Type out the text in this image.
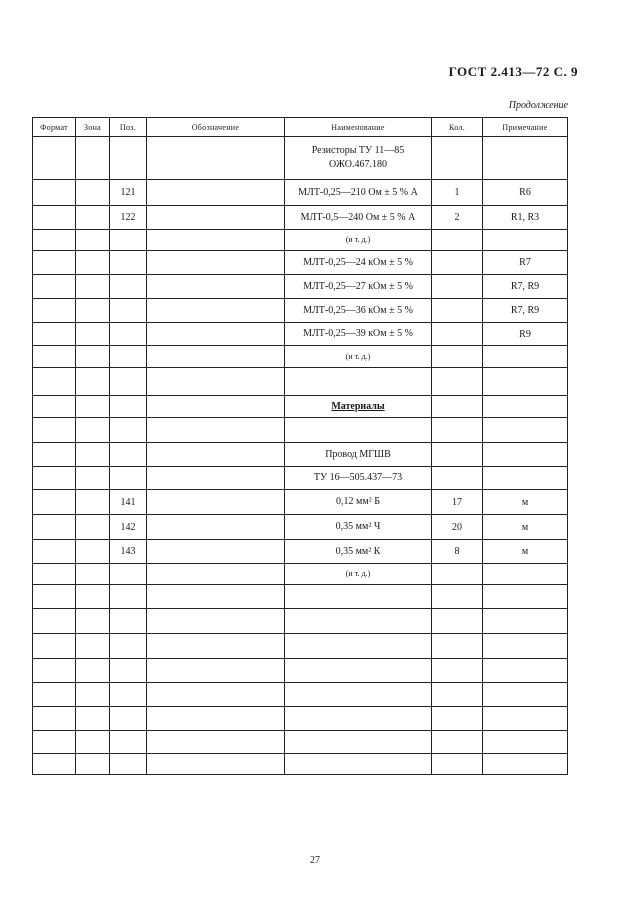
ГОСТ 2.413—72 С. 9
Продолжение
Формат	Зона	Поз.	Обозначение	Наименование	Кол.	Примечание
				Резисторы ТУ 11—85 ОЖО.467.180		
		121		МЛТ-0,25—210 Ом ± 5 % А	1	R6
		122		МЛТ-0,5—240 Ом ± 5 % А	2	R1, R3
				(и т. д.)		
				МЛТ-0,25—24 кОм ± 5 %		R7
				МЛТ-0,25—27 кОм ± 5 %		R7, R9
				МЛТ-0,25—36 кОм ± 5 %		R7, R9
				МЛТ-0,25—39 кОм ± 5 %		R9
				(и т. д.)		

				Материалы		

				Провод МГШВ		
				ТУ 16—505.437—73		
		141		0,12 мм² Б	17	м
		142		0,35 мм² Ч	20	м
		143		0,35 мм² К	8	м
				(и т. д.)		

27
